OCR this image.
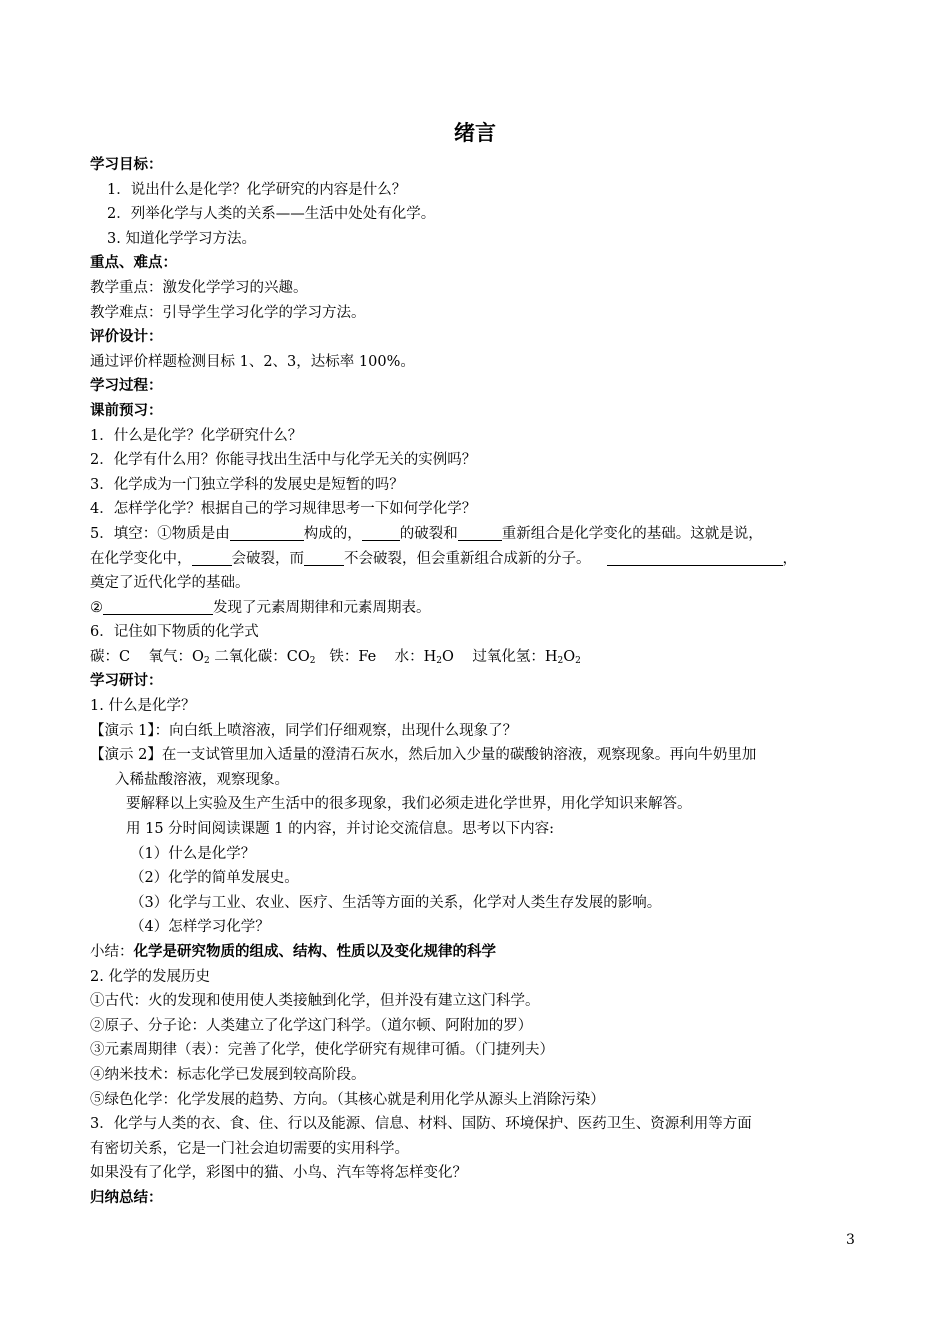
绪言
学习目标：
1．说出什么是化学？化学研究的内容是什么？
2．列举化学与人类的关系——生活中处处有化学。
3. 知道化学学习方法。
重点、难点：
教学重点：激发化学学习的兴趣。
教学难点：引导学生学习化学的学习方法。
评价设计：
通过评价样题检测目标 1、2、3，达标率 100%。
学习过程：
课前预习：
1．什么是化学？化学研究什么？
2．化学有什么用？你能寻找出生活中与化学无关的实例吗？
3．化学成为一门独立学科的发展史是短暂的吗？
4．怎样学化学？根据自己的学习规律思考一下如何学化学？
5．填空：①物质是由	构成的，	的破裂和	重新组合是化学变化的基础。这就是说，
在化学变化中，	会破裂，而	不会破裂，但会重新组合成新的分子。	，
奠定了近代化学的基础。
②	发现了元素周期律和元素周期表。
6．记住如下物质的化学式
碳：C 氧气：$O_2$ 二氧化碳：$CO_2$ 铁：Fe 水：$H_2O$ 过氧化氢：$H_2O_2$
学习研讨：
1. 什么是化学？
【演示 1】：向白纸上喷溶液，同学们仔细观察，出现什么现象了？
【演示 2】在一支试管里加入适量的澄清石灰水，然后加入少量的碳酸钠溶液，观察现象。再向牛奶里加
入稀盐酸溶液，观察现象。
要解释以上实验及生产生活中的很多现象，我们必须走进化学世界，用化学知识来解答。
用 15 分时间阅读课题 1 的内容，并讨论交流信息。思考以下内容:
（1）什么是化学？
（2）化学的简单发展史。
（3）化学与工业、农业、医疗、生活等方面的关系，化学对人类生存发展的影响。
（4）怎样学习化学？
小结：化学是研究物质的组成、结构、性质以及变化规律的科学
2. 化学的发展历史
①古代：火的发现和使用使人类接触到化学，但并没有建立这门科学。
②原子、分子论：人类建立了化学这门科学。（道尔顿、阿附加的罗）
③元素周期律（表）：完善了化学，使化学研究有规律可循。（门捷列夫）
④纳米技术：标志化学已发展到较高阶段。
⑤绿色化学：化学发展的趋势、方向。（其核心就是利用化学从源头上消除污染）
3．化学与人类的衣、食、住、行以及能源、信息、材料、国防、环境保护、医药卫生、资源利用等方面
有密切关系，它是一门社会迫切需要的实用科学。
如果没有了化学，彩图中的猫、小鸟、汽车等将怎样变化？
归纳总结：
3
